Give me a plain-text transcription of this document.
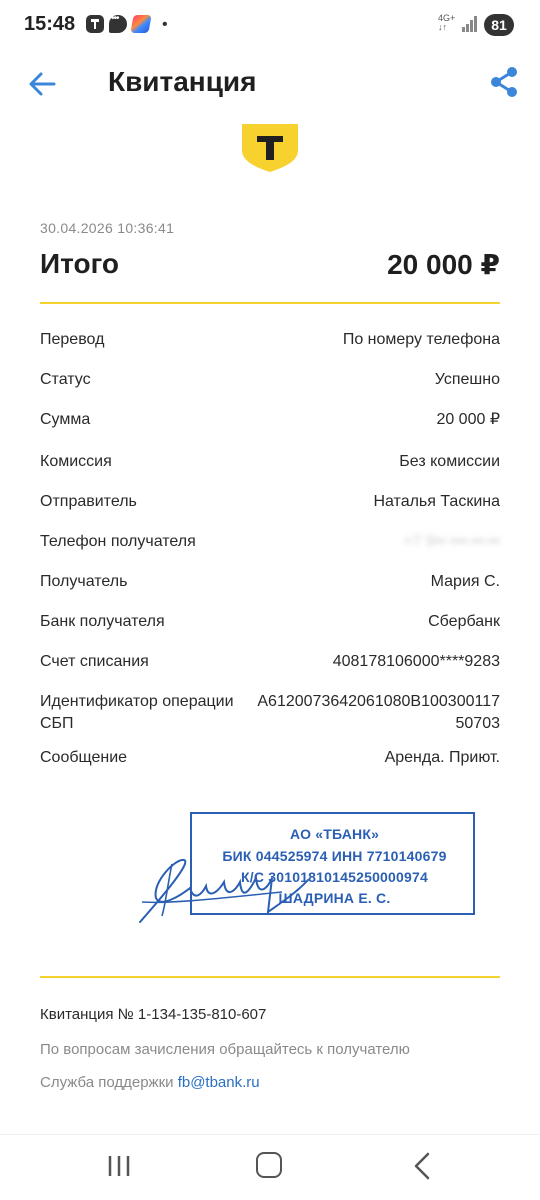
15:48
•••	•	4G+
↓↑	81
Квитанция
30.04.2026 10:36:41
Итого	20 000 ₽
Перевод	По номеру телефона
Статус	Успешно
Сумма	20 000 ₽
Комиссия	Без комиссии
Отправитель	Наталья Таскина
Телефон получателя	+7 9•• •••-••-••
Получатель	Мария С.
Банк получателя	Сбербанк
Счет списания	408178106000****9283
Идентификатор операции
СБП
A6120073642061080B100300117
50703
Сообщение	Аренда. Приют.
АО «ТБАНК»
БИК 044525974 ИНН 7710140679
К/С 30101810145250000974
ШАДРИНА Е. С.
Квитанция № 1-134-135-810-607
По вопросам зачисления обращайтесь к получателю
Служба поддержки fb@tbank.ru
